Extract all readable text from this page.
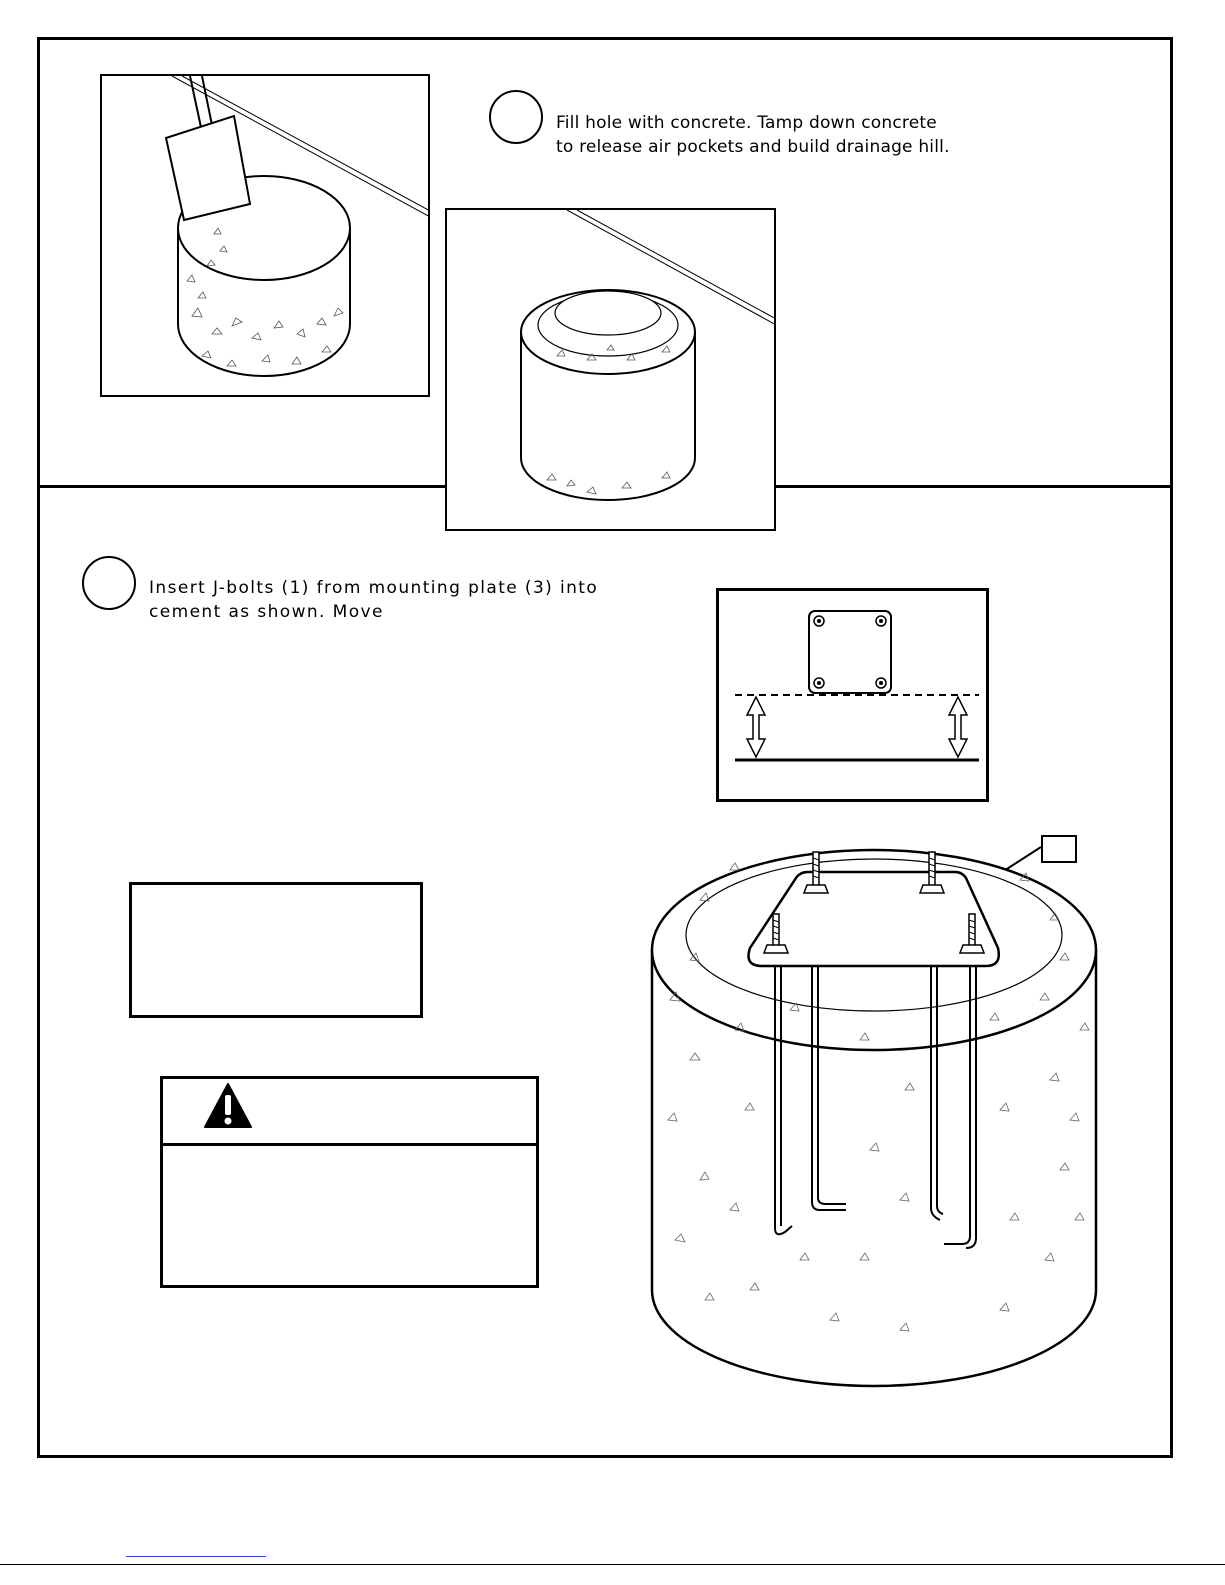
Fill hole with concrete. Tamp down concrete
to release air pockets and build drainage hill.
Insert J-bolts (1) from mounting plate (3) into
cement as shown. Move
